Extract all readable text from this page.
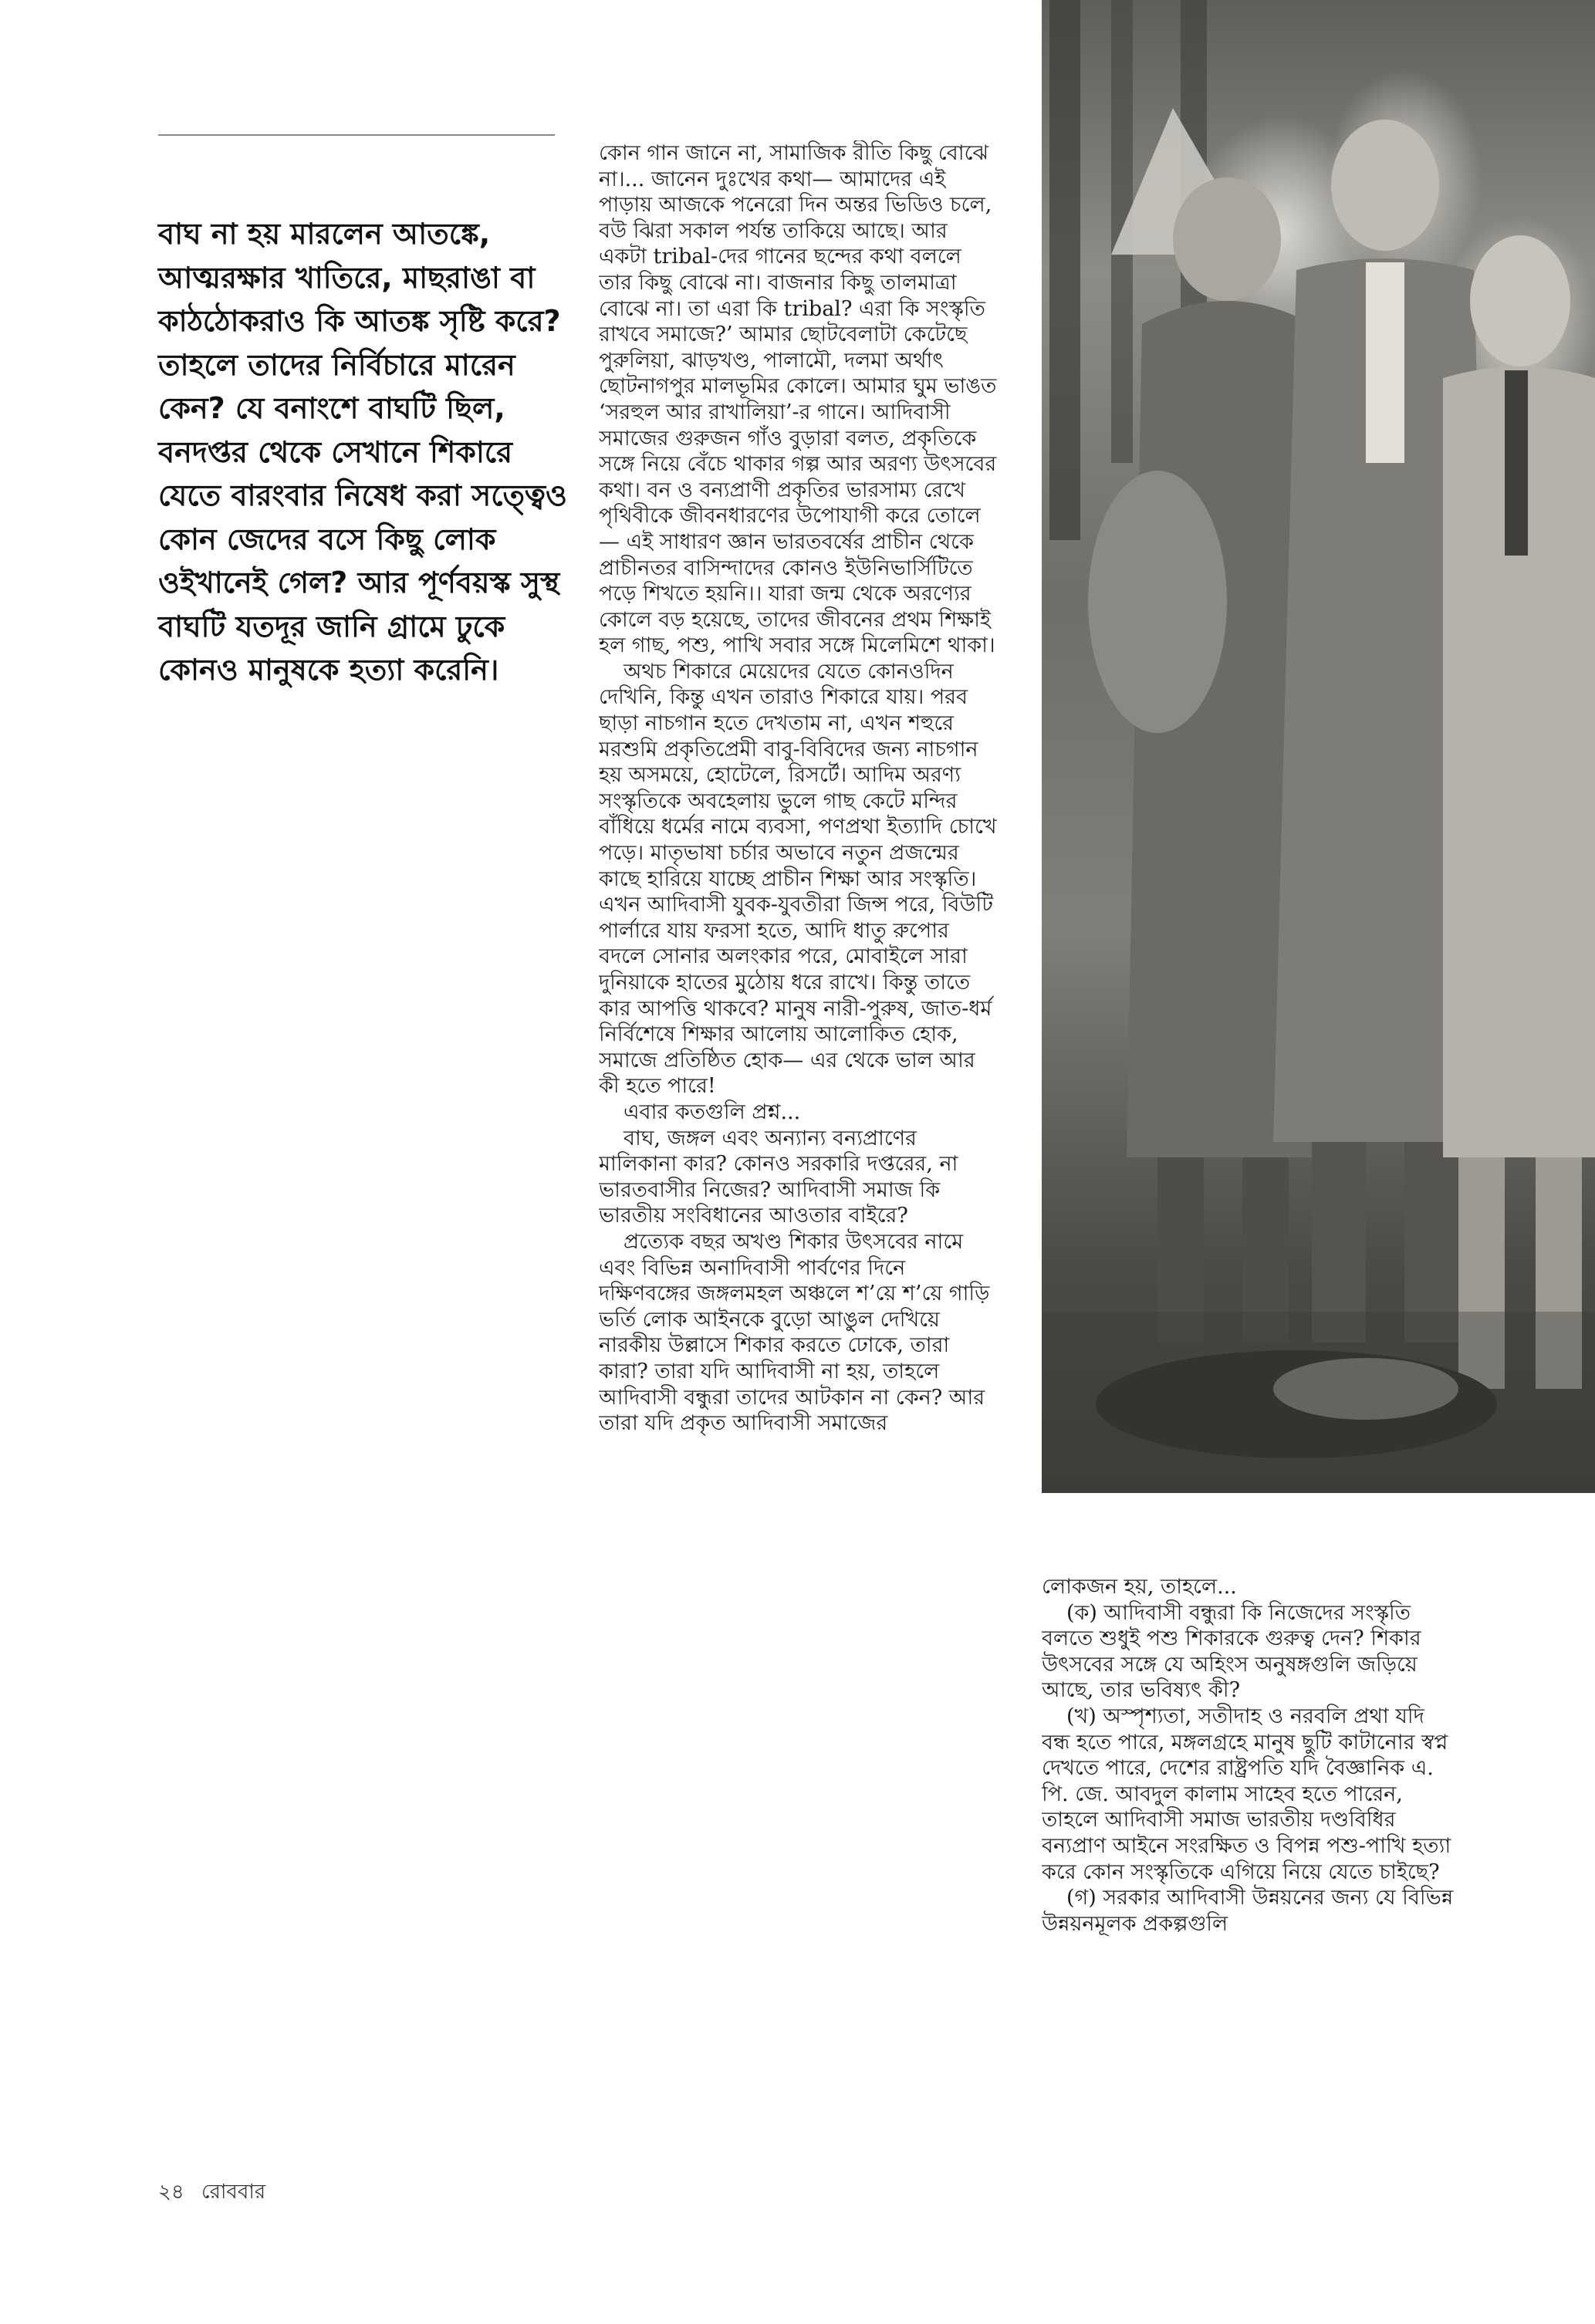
বাঘ না হয় মারলেন আতঙ্কে, আত্মরক্ষার খাতিরে, মাছরাঙা বা কাঠঠোকরাও কি আতঙ্ক সৃষ্টি করে? তাহলে তাদের নির্বিচারে মারেন কেন? যে বনাংশে বাঘটি ছিল, বনদপ্তর থেকে সেখানে শিকারে যেতে বারংবার নিষেধ করা সত্ত্বেও কোন জেদের বসে কিছু লোক ওইখানেই গেল? আর পূর্ণবয়স্ক সুস্থ বাঘটি যতদূর জানি গ্রামে ঢুকে কোনও মানুষকে হত্যা করেনি।

কোন গান জানে না, সামাজিক রীতি কিছু বোঝে না।... জানেন দুঃখের কথা— আমাদের এই পাড়ায় আজকে পনেরো দিন অন্তর ভিডিও চলে, বউ ঝিরা সকাল পর্যন্ত তাকিয়ে আছে। আর একটা tribal-দের গানের ছন্দের কথা বললে তার কিছু বোঝে না। বাজনার কিছু তালমাত্রা বোঝে না। তা এরা কি tribal? এরা কি সংস্কৃতি রাখবে সমাজে?’ আমার ছোটবেলাটা কেটেছে পুরুলিয়া, ঝাড়খণ্ড, পালামৌ, দলমা অর্থাৎ ছোটনাগপুর মালভূমির কোলে। আমার ঘুম ভাঙত ‘সরহুল আর রাখালিয়া’-র গানে। আদিবাসী সমাজের গুরুজন গাঁও বুড়ারা বলত, প্রকৃতিকে সঙ্গে নিয়ে বেঁচে থাকার গল্প আর অরণ্য উৎসবের কথা। বন ও বন্যপ্রাণী প্রকৃতির ভারসাম্য রেখে পৃথিবীকে জীবনধারণের উপোযাগী করে তোলে— এই সাধারণ জ্ঞান ভারতবর্ষের প্রাচীন থেকে প্রাচীনতর বাসিন্দাদের কোনও ইউনিভার্সিটিতে পড়ে শিখতে হয়নি।। যারা জন্ম থেকে অরণ্যের কোলে বড় হয়েছে, তাদের জীবনের প্রথম শিক্ষাই হল গাছ, পশু, পাখি সবার সঙ্গে মিলেমিশে থাকা।

অথচ শিকারে মেয়েদের যেতে কোনওদিন দেখিনি, কিন্তু এখন তারাও শিকারে যায়। পরব ছাড়া নাচগান হতে দেখতাম না, এখন শহুরে মরশুমি প্রকৃতিপ্রেমী বাবু-বিবিদের জন্য নাচগান হয় অসময়ে, হোটেলে, রিসর্টে। আদিম অরণ্য সংস্কৃতিকে অবহেলায় ভুলে গাছ কেটে মন্দির বাঁধিয়ে ধর্মের নামে ব্যবসা, পণপ্রথা ইত্যাদি চোখে পড়ে। মাতৃভাষা চর্চার অভাবে নতুন প্রজন্মের কাছে হারিয়ে যাচ্ছে প্রাচীন শিক্ষা আর সংস্কৃতি। এখন আদিবাসী যুবক-যুবতীরা জিন্স পরে, বিউটি পার্লারে যায় ফরসা হতে, আদি ধাতু রুপোর বদলে সোনার অলংকার পরে, মোবাইলে সারা দুনিয়াকে হাতের মুঠোয় ধরে রাখে। কিন্তু তাতে কার আপত্তি থাকবে? মানুষ নারী-পুরুষ, জাত-ধর্ম নির্বিশেষে শিক্ষার আলোয় আলোকিত হোক, সমাজে প্রতিষ্ঠিত হোক— এর থেকে ভাল আর কী হতে পারে!

এবার কতগুলি প্রশ্ন...

বাঘ, জঙ্গল এবং অন্যান্য বন্যপ্রাণের মালিকানা কার? কোনও সরকারি দপ্তরের, না ভারতবাসীর নিজের? আদিবাসী সমাজ কি ভারতীয় সংবিধানের আওতার বাইরে?

প্রত্যেক বছর অখণ্ড শিকার উৎসবের নামে এবং বিভিন্ন অনাদিবাসী পার্বণের দিনে দক্ষিণবঙ্গের জঙ্গলমহল অঞ্চলে শ’য়ে শ’য়ে গাড়ি ভর্তি লোক আইনকে বুড়ো আঙুল দেখিয়ে নারকীয় উল্লাসে শিকার করতে ঢোকে, তারা কারা? তারা যদি আদিবাসী না হয়, তাহলে আদিবাসী বন্ধুরা তাদের আটকান না কেন? আর তারা যদি প্রকৃত আদিবাসী সমাজের

লোকজন হয়, তাহলে...

(ক) আদিবাসী বন্ধুরা কি নিজেদের সংস্কৃতি বলতে শুধুই পশু শিকারকে গুরুত্ব দেন? শিকার উৎসবের সঙ্গে যে অহিংস অনুষঙ্গগুলি জড়িয়ে আছে, তার ভবিষ্যৎ কী?

(খ) অস্পৃশ্যতা, সতীদাহ ও নরবলি প্রথা যদি বন্ধ হতে পারে, মঙ্গলগ্রহে মানুষ ছুটি কাটানোর স্বপ্ন দেখতে পারে, দেশের রাষ্ট্রপতি যদি বৈজ্ঞানিক এ. পি. জে. আবদুল কালাম সাহেব হতে পারেন, তাহলে আদিবাসী সমাজ ভারতীয় দণ্ডবিধির বন্যপ্রাণ আইনে সংরক্ষিত ও বিপন্ন পশু-পাখি হত্যা করে কোন সংস্কৃতিকে এগিয়ে নিয়ে যেতে চাইছে?

(গ) সরকার আদিবাসী উন্নয়নের জন্য যে বিভিন্ন উন্নয়নমূলক প্রকল্পগুলি

২৪ রোববার
